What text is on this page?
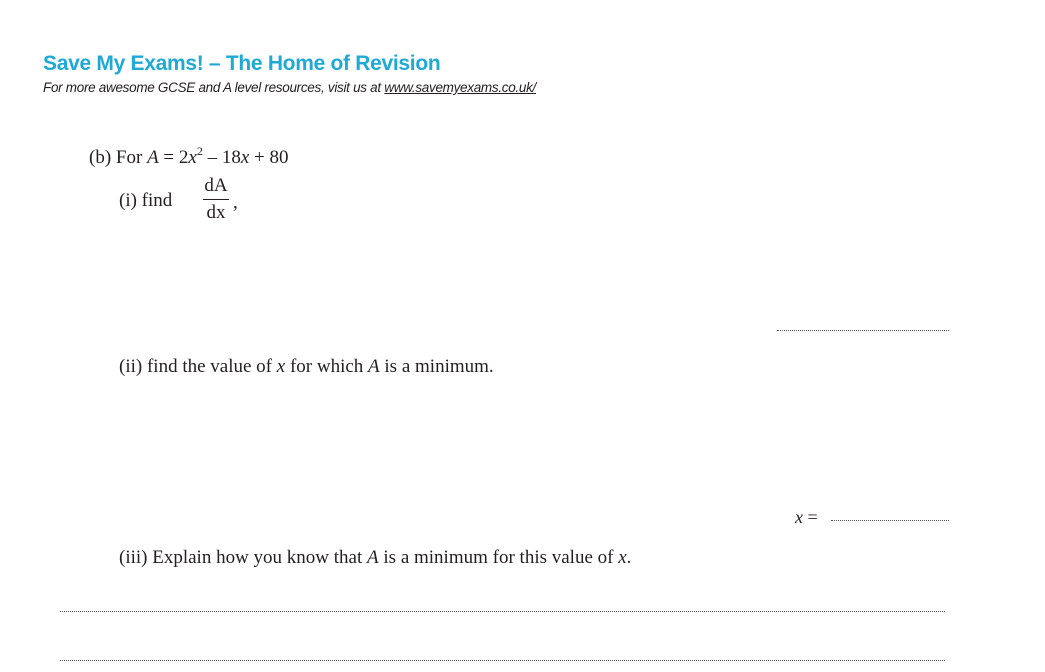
Save My Exams! – The Home of Revision
For more awesome GCSE and A level resources, visit us at www.savemyexams.co.uk/
(b) For $A = 2x^2 - 18x + 80$
(i) find
dA
dx ,
(ii) find the value of x for which A is a minimum.
x =
(iii) Explain how you know that A is a minimum for this value of x.
